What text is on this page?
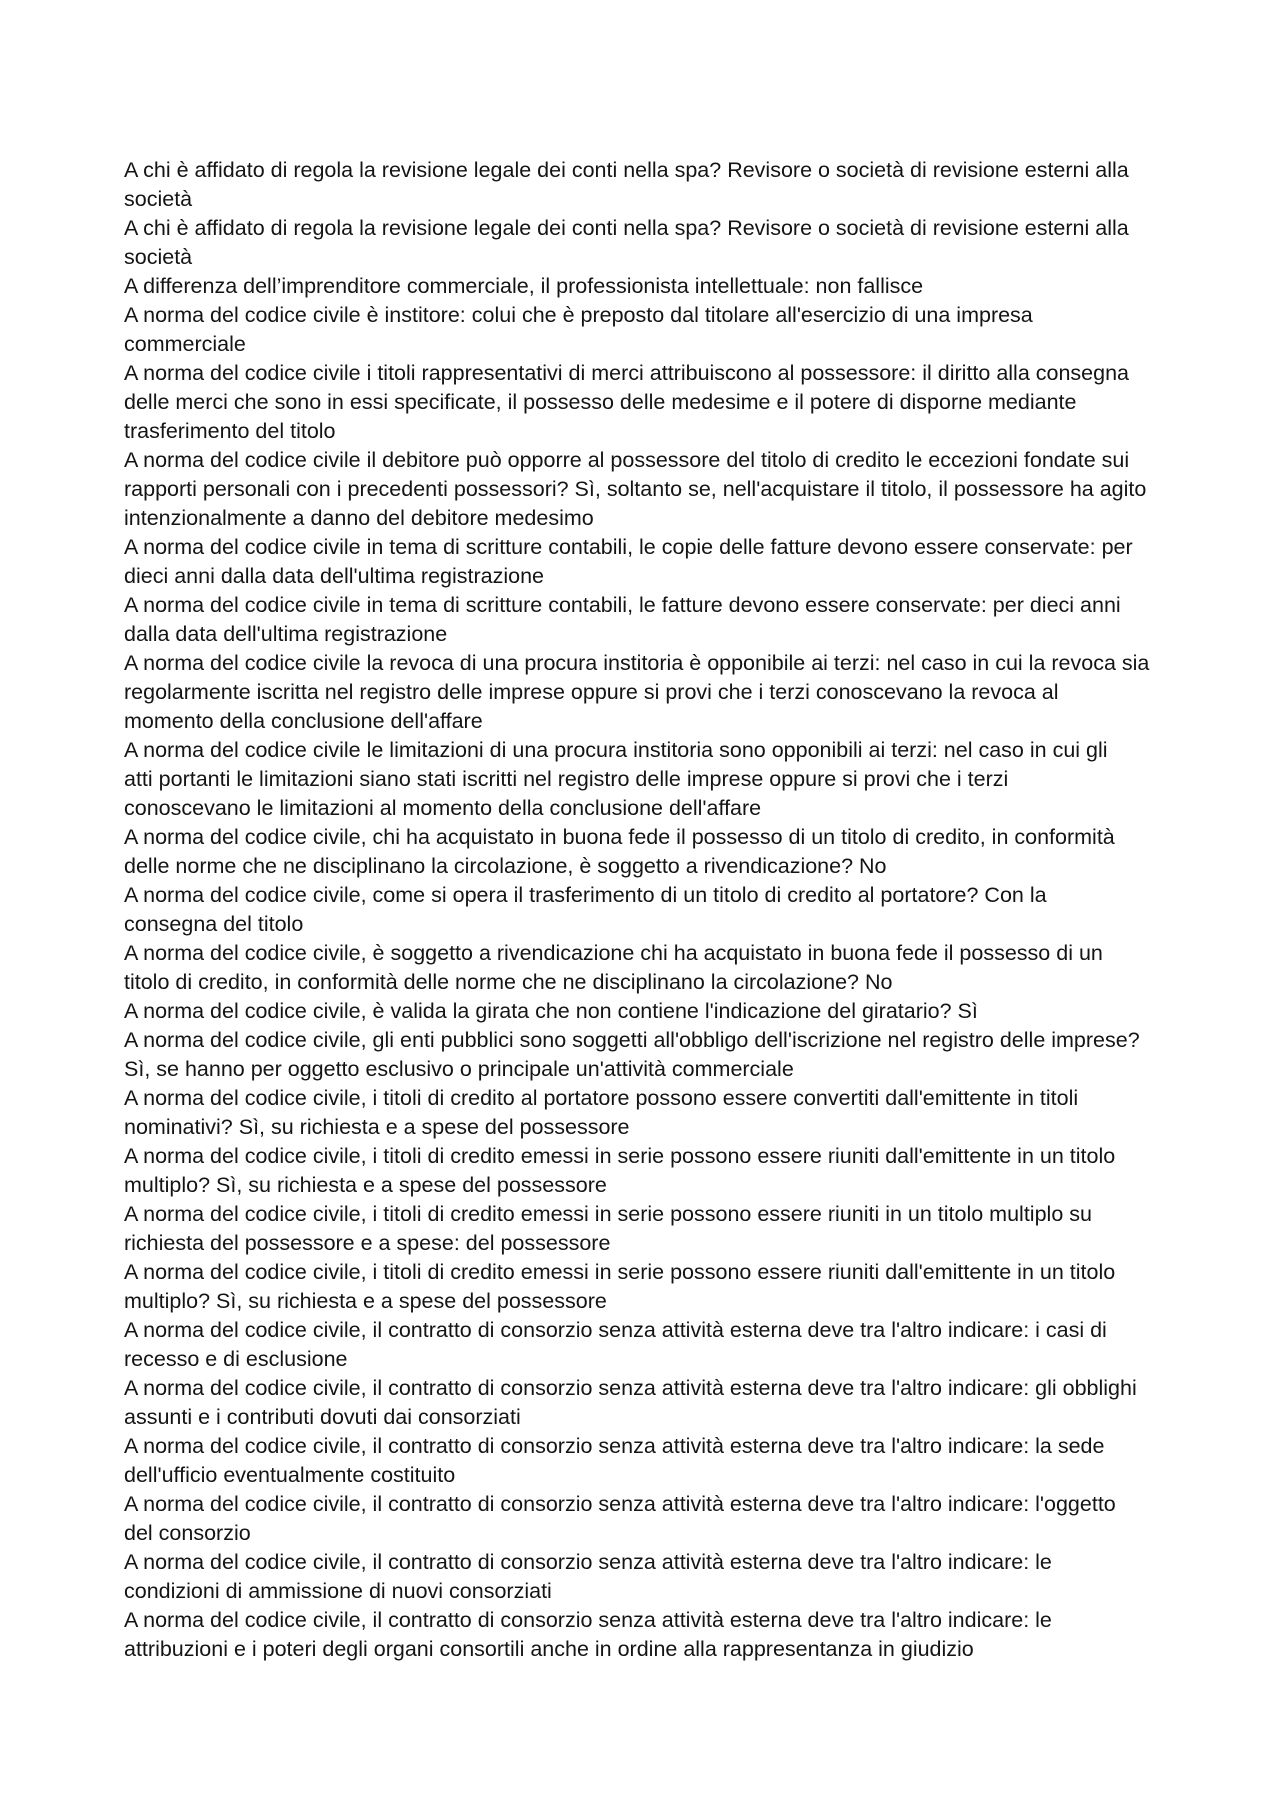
A chi è affidato di regola la revisione legale dei conti nella spa? Revisore o società di revisione esterni alla
società
A chi è affidato di regola la revisione legale dei conti nella spa? Revisore o società di revisione esterni alla
società
A differenza dell’imprenditore commerciale, il professionista intellettuale: non fallisce
A norma del codice civile è institore: colui che è preposto dal titolare all'esercizio di una impresa
commerciale
A norma del codice civile i titoli rappresentativi di merci attribuiscono al possessore: il diritto alla consegna
delle merci che sono in essi specificate, il possesso delle medesime e il potere di disporne mediante
trasferimento del titolo
A norma del codice civile il debitore può opporre al possessore del titolo di credito le eccezioni fondate sui
rapporti personali con i precedenti possessori? Sì, soltanto se, nell'acquistare il titolo, il possessore ha agito
intenzionalmente a danno del debitore medesimo
A norma del codice civile in tema di scritture contabili, le copie delle fatture devono essere conservate: per
dieci anni dalla data dell'ultima registrazione
A norma del codice civile in tema di scritture contabili, le fatture devono essere conservate: per dieci anni
dalla data dell'ultima registrazione
A norma del codice civile la revoca di una procura institoria è opponibile ai terzi: nel caso in cui la revoca sia
regolarmente iscritta nel registro delle imprese oppure si provi che i terzi conoscevano la revoca al
momento della conclusione dell'affare
A norma del codice civile le limitazioni di una procura institoria sono opponibili ai terzi: nel caso in cui gli
atti portanti le limitazioni siano stati iscritti nel registro delle imprese oppure si provi che i terzi
conoscevano le limitazioni al momento della conclusione dell'affare
A norma del codice civile, chi ha acquistato in buona fede il possesso di un titolo di credito, in conformità
delle norme che ne disciplinano la circolazione, è soggetto a rivendicazione? No
A norma del codice civile, come si opera il trasferimento di un titolo di credito al portatore? Con la
consegna del titolo
A norma del codice civile, è soggetto a rivendicazione chi ha acquistato in buona fede il possesso di un
titolo di credito, in conformità delle norme che ne disciplinano la circolazione? No
A norma del codice civile, è valida la girata che non contiene l'indicazione del giratario? Sì
A norma del codice civile, gli enti pubblici sono soggetti all'obbligo dell'iscrizione nel registro delle imprese?
Sì, se hanno per oggetto esclusivo o principale un'attività commerciale
A norma del codice civile, i titoli di credito al portatore possono essere convertiti dall'emittente in titoli
nominativi? Sì, su richiesta e a spese del possessore
A norma del codice civile, i titoli di credito emessi in serie possono essere riuniti dall'emittente in un titolo
multiplo? Sì, su richiesta e a spese del possessore
A norma del codice civile, i titoli di credito emessi in serie possono essere riuniti in un titolo multiplo su
richiesta del possessore e a spese: del possessore
A norma del codice civile, i titoli di credito emessi in serie possono essere riuniti dall'emittente in un titolo
multiplo? Sì, su richiesta e a spese del possessore
A norma del codice civile, il contratto di consorzio senza attività esterna deve tra l'altro indicare: i casi di
recesso e di esclusione
A norma del codice civile, il contratto di consorzio senza attività esterna deve tra l'altro indicare: gli obblighi
assunti e i contributi dovuti dai consorziati
A norma del codice civile, il contratto di consorzio senza attività esterna deve tra l'altro indicare: la sede
dell'ufficio eventualmente costituito
A norma del codice civile, il contratto di consorzio senza attività esterna deve tra l'altro indicare: l'oggetto
del consorzio
A norma del codice civile, il contratto di consorzio senza attività esterna deve tra l'altro indicare: le
condizioni di ammissione di nuovi consorziati
A norma del codice civile, il contratto di consorzio senza attività esterna deve tra l'altro indicare: le
attribuzioni e i poteri degli organi consortili anche in ordine alla rappresentanza in giudizio
